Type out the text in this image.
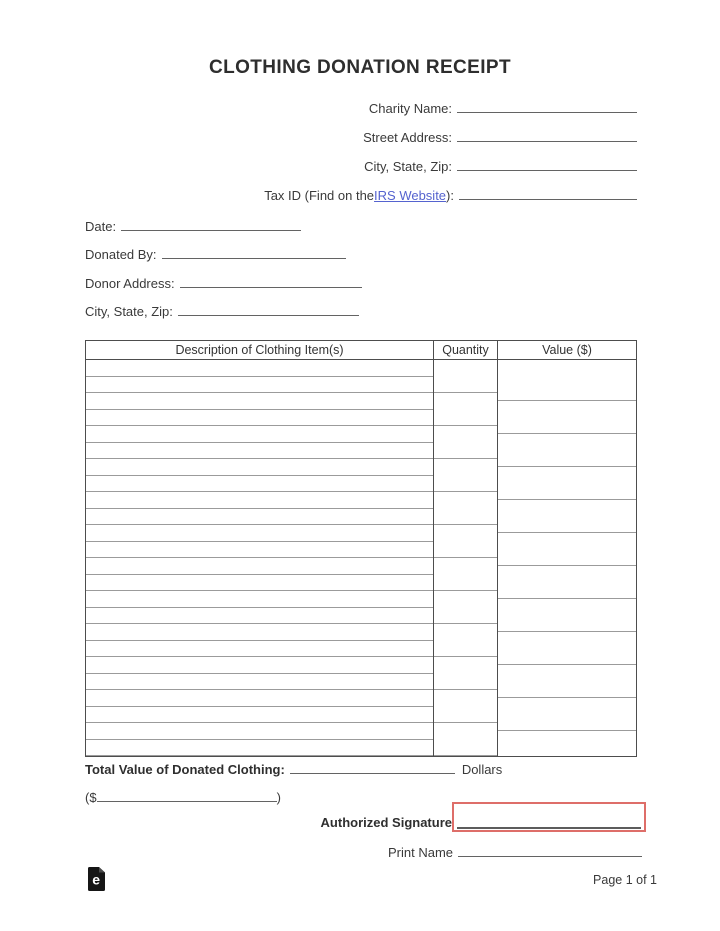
CLOTHING DONATION RECEIPT
Charity Name:
Street Address:
City, State, Zip:
Tax ID (Find on the IRS Website ):
Date:
Donated By:
Donor Address:
City, State, Zip:
Description of Clothing Item(s)	Quantity	Value ($)
Total Value of Donated Clothing:	Dollars
($	)
Authorized Signature
Print Name
e	Page 1 of 1
